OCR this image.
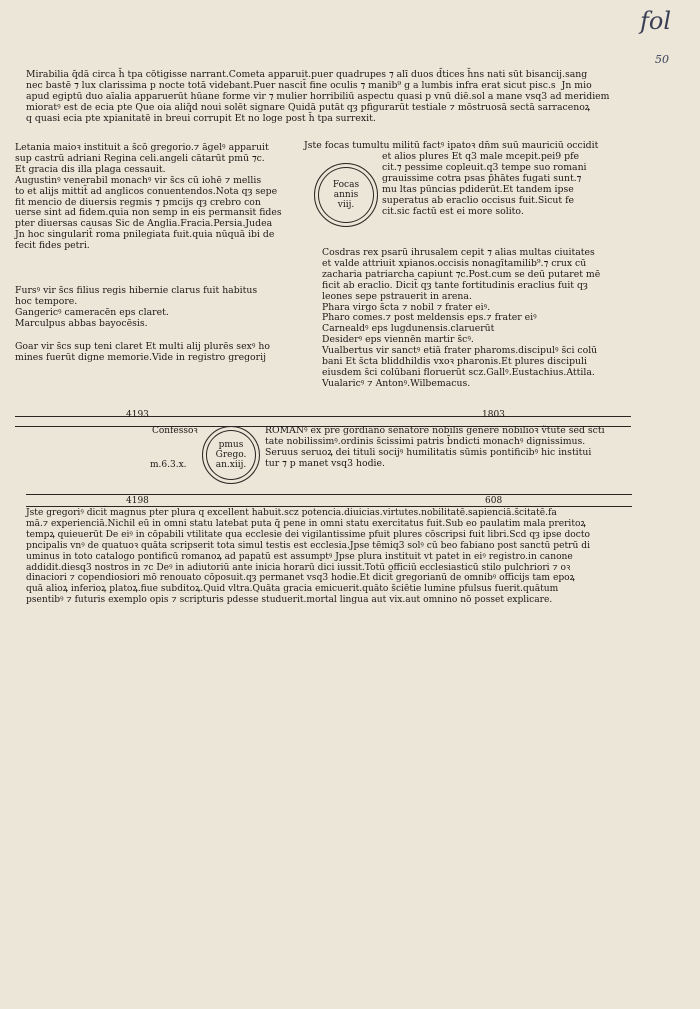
fol
50
Mirabilia q̄dā circa h̄ tpa cōtigisse narrant.Cometa apparuit.puer quadrupes ⁊ alī duos d̄tices h̄ns nati sūt bisancij.sang
nec bastē ⁊ lux clarissima p nocte totā videbant.Puer nascit̄ fine oculis ⁊ manib⁹ g a lumbis infra erat sicut pisc.s  Jn mio
apud egiptū duo aīalia apparuerūt hūane forme vir ⁊ mulier horribiliū aspectu quasi p vnū diē.sol a mane vsq3 ad meridiem
mioratꝰ est de ecia pte Que oia aliq̄d noui solēt signare Quidā putāt qȝ pfigurarūt testiale ⁊ mōstruosā sectā sarracenoꝝ
q quasi ecia pte xpianitatē in breui corrupit Et no loge post h̄ tpa surrexit.
Letania maioꝛ instituit a s̄cō gregorio.⁊ āgelꝰ apparuit
sup castrū adriani Regina celi.angeli cātarūt pmū ⁊c.
Et gracia dis illa plaga cessauit.
Augustinꝰ venerabil monachꝰ vir s̄cs cū iohē ⁊ mellis
to et alijs mittit̄ ad anglicos conuentendos.Nota qȝ sepe
fit mencio de diuersis regmis ⁊ pmcijs qȝ crebro con
uerse sint ad fidem.quia non semp in eis permansit fides
pter diuersas causas Sic de Anglia.Fracia.Persia.Judea
Jn hoc singularit̄ roma pnilegiata fuit.quia nūquā ibi de
fecit fides petri.
Fursꝰ vir s̄cs filius regis hibernie clarus fuit habitus
hoc tempore.
Gangericꝰ cameracēn eps claret.
Marculpus abbas bayocēsis.
Goar vir s̄cs sup teni claret Et multi alij plurēs sexꝰ ho
mines fuerūt digne memorie.Vide in registro gregorij
Jste focas tumultu militū factꝰ ipatoꝛ dn̄m suū mauriciū occidit
Focas
annis
viij.
et alios plures Et q3 male mcepit.pei9 pfe
cit.⁊ pessime copleuit.q3 tempe suo romani
grauissime cotra psas p̄hātes fugati sunt.⁊
mu ltas pūncias pdiderūt.Et tandem ipse
superatus ab eraclio occisus fuit.Sicut fe
cit.sic factū est ei more solito.
Cosdras rex psarū ihrusalem cepit ⁊ alias multas ciuitates
et valde attriuit xpianos.occisis nonagītamilib⁹.⁊ crux cū
zacharia patriarcha capiunt ⁊c.Post.cum se deū putaret mē
ficit ab eraclio. Dicit̄ qȝ tante fortitudinis eraclius fuit qȝ
leones sepe pstrauerit in arena.
Phara virgo s̄cta ⁊ nobil ⁊ frater eiꝰ.
Pharo comes.⁊ post meldensis eps.⁊ frater eiꝰ
Carnealdꝰ eps lugdunensis.claruerūt
Desiderꝰ eps viennēn martir s̄cꝰ.
Vualbertus vir sanctꝰ etiā frater pharoms.discipulꝰ s̄ci colū
bani Et s̄cta bliddhildis vxoꝛ pharonis.Et plures discipuli
eiusdem s̄ci colūbani floruerūt scz.Gallꝰ.Eustachius.Attila.
Vualaricꝰ ⁊ Antonꝰ.Wilbemacus.
4193	1803
Confessoꝛ
pmus
Grego.
an.xiij.
m.6.3.x.
ROMANꝰ ex pre gordiano senatore nobilis genere nobilioꝛ ṽtute sed s̄cti
tate nobilissimꝰ.ordinis s̄cissimi patris b̄ndicti monachꝰ dignissimus.
Seruus seruoꝝ dei tituli socijꝰ humilitatis sūmis pontificibꝰ hic institui
tur ⁊ p manet vsq3 hodie.
4198	608
Jste gregoriꝰ dicit̄ magnus pter plura q excellent habuit.scz potencia.diuicias.virtutes.nobilitatē.sapienciā.s̄citatē.fa
mā.⁊ experienciā.Nichil eū in omni statu latebat puta q̄ pene in omni statu exercitatus fuit.Sub eo paulatim mala preritoꝝ
tempꝝ quieuerūt De eiꝰ in cōpabili vtilitate qua ecclesie dei vigilantissime pfuit plures cōscripsi fuit libri.Scd qȝ ipse docto
pncipalis vnꝰ de quatuoꝛ quāta scripserit tota simul testis est ecclesia.Jpse tēmiq3 solꝰ cū beo fabiano post sanctū petrū di
uminus in toto catalogo pontificū romanoꝝ ad papatū est assumptꝰ Jpse plura instituit vt patet in eiꝰ registro.in canone
addidit.diesq3 nostros in ⁊c Deꝰ in adiutoriū ante inicia horarū dici iussit.Totū officiū ecclesiasticū stilo pulchriori ⁊ oꝛ
dinaciori ⁊ copendiosiori mō renouato cōposuit.qȝ permanet vsq3 hodie.Et dicit̄ gregorianū de omnibꝰ officijs tam epoꝝ
quā alioꝝ inferioꝝ platoꝝ.fiue subditoꝝ.Quid vltra.Quāta gracia emicuerit.quāto s̄ciētie lumine pfulsus fuerit.quātum
psentibꝰ ⁊ futuris exemplo opis ⁊ scripturis pdesse studuerit.mortal lingua aut vix.aut omnino nō posset explicare.
